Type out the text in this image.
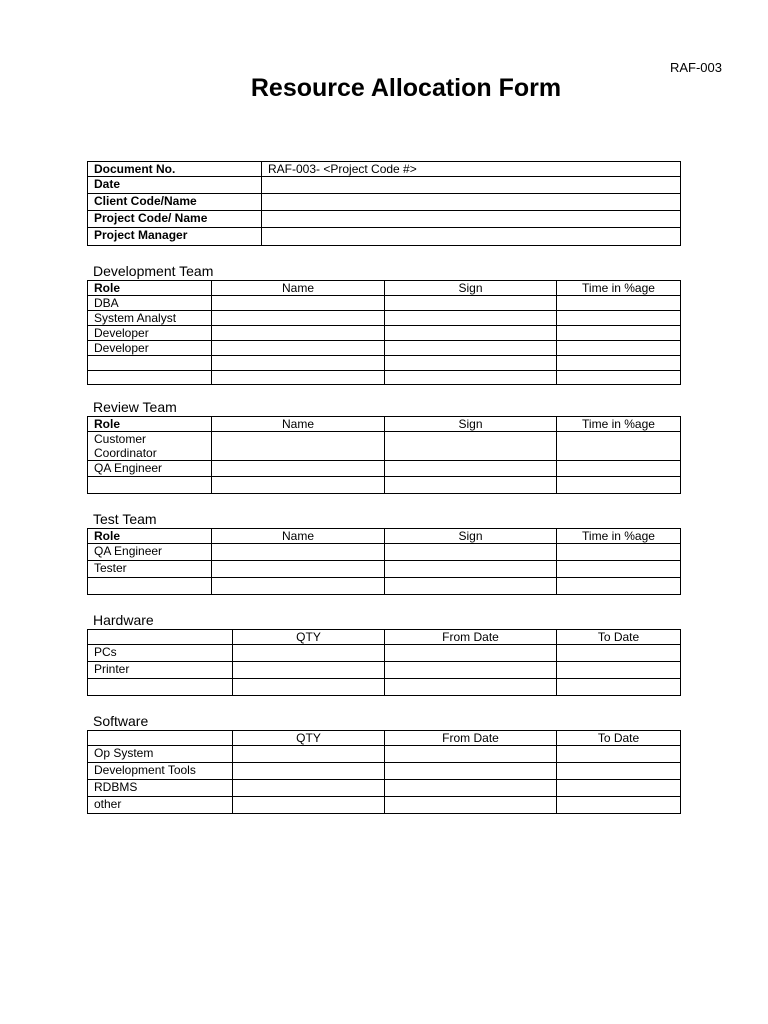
RAF-003
Resource Allocation Form
Document No.	RAF-003- <Project Code #>
Date	
Client Code/Name	
Project Code/ Name	
Project Manager	
Development Team
Role	Name	Sign	Time in %age
DBA			
System Analyst			
Developer			
Developer			

Review Team
Role	Name	Sign	Time in %age
Customer Coordinator			
QA Engineer			

Test Team
Role	Name	Sign	Time in %age
QA Engineer			
Tester			

Hardware
	QTY	From Date	To Date
PCs			
Printer			

Software
	QTY	From Date	To Date
Op System			
Development Tools			
RDBMS			
other			
